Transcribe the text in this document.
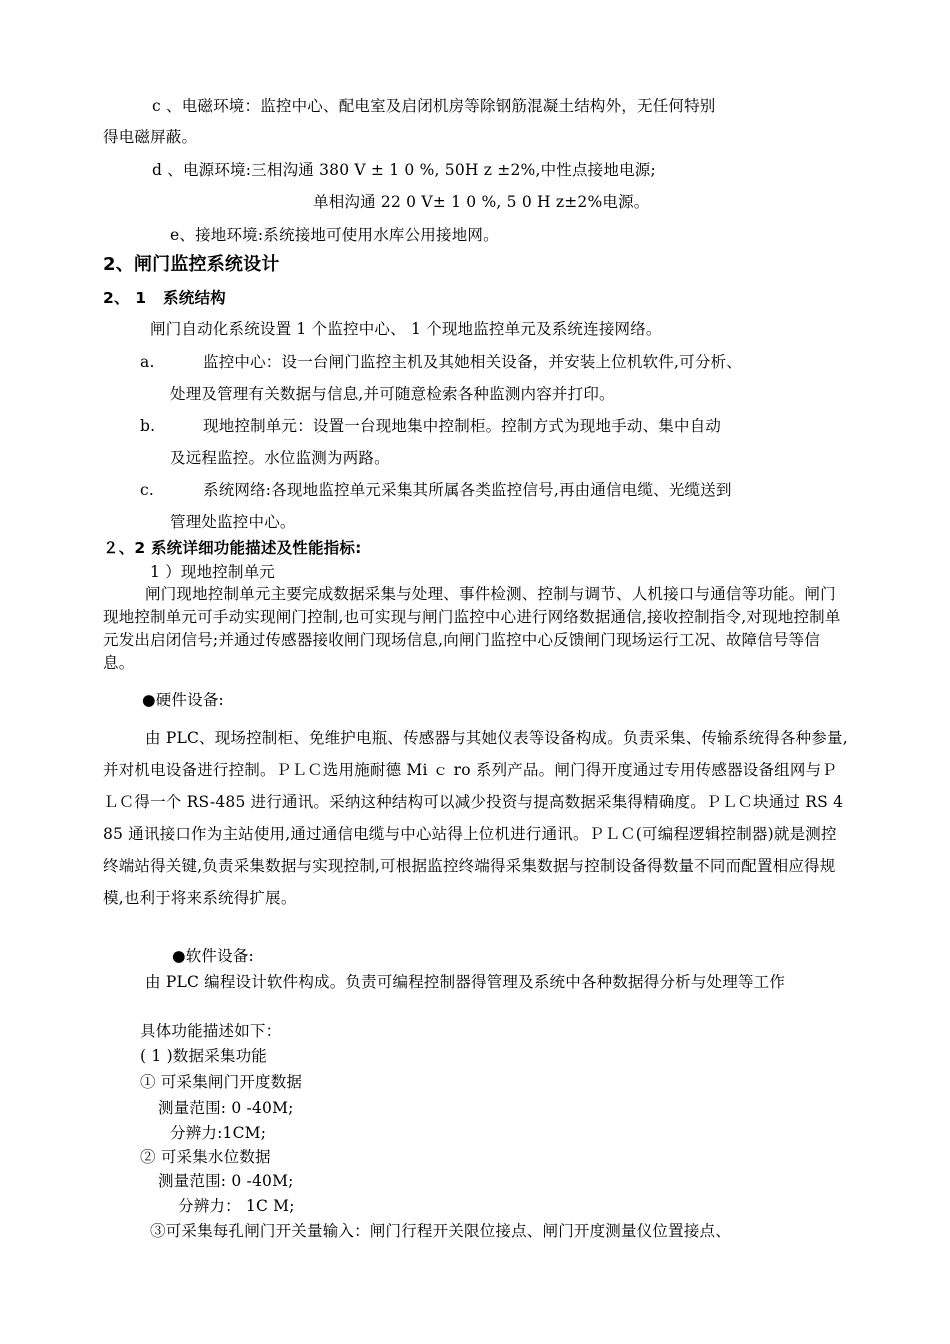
c 、电磁环境：监控中心、配电室及启闭机房等除钢筋混凝土结构外，无任何特别
得电磁屏蔽。
d 、电源环境:三相沟通 380 V ± 1 0 %, 50H z ±2%,中性点接地电源;
单相沟通 22 0 V± 1 0 %, 5 0 H z±2%电源。
e、接地环境:系统接地可使用水库公用接地网。
2、闸门监控系统设计
2、 1   系统结构
闸门自动化系统设置 1 个监控中心、 1 个现地监控单元及系统连接网络。
a.	监控中心：设一台闸门监控主机及其她相关设备，并安装上位机软件,可分析、
处理及管理有关数据与信息,并可随意检索各种监测内容并打印。
b.	现地控制单元：设置一台现地集中控制柜。控制方式为现地手动、集中自动
及远程监控。水位监测为两路。
c.	系统网络:各现地监控单元采集其所属各类监控信号,再由通信电缆、光缆送到
管理处监控中心。
２、2 系统详细功能描述及性能指标:
1 ）现地控制单元
闸门现地控制单元主要完成数据采集与处理、事件检测、控制与调节、人机接口与通信等功能。闸门现地控制单元可手动实现闸门控制,也可实现与闸门监控中心进行网络数据通信,接收控制指令,对现地控制单元发出启闭信号;并通过传感器接收闸门现场信息,向闸门监控中心反馈闸门现场运行工况、故障信号等信息。
●硬件设备:
由 PLC、现场控制柜、免维护电瓶、传感器与其她仪表等设备构成。负责采集、传输系统得各种参量,并对机电设备进行控制。ＰＬＣ选用施耐德 Mi ｃ ro 系列产品。闸门得开度通过专用传感器设备组网与ＰＬＣ得一个 RS-485 进行通讯。采纳这种结构可以减少投资与提高数据采集得精确度。ＰＬＣ块通过 RS 4 85 通讯接口作为主站使用,通过通信电缆与中心站得上位机进行通讯。ＰＬＣ(可编程逻辑控制器)就是测控终端站得关键,负责采集数据与实现控制,可根据监控终端得采集数据与控制设备得数量不同而配置相应得规模,也利于将来系统得扩展。
●软件设备:
由 PLC 编程设计软件构成。负责可编程控制器得管理及系统中各种数据得分析与处理等工作
具体功能描述如下：
( 1 )数据采集功能
① 可采集闸门开度数据
测量范围: 0 -40M;
分辨力:1CM;
② 可采集水位数据
测量范围: 0 -40M;
分辨力： 1C M;
③可采集每孔闸门开关量输入：闸门行程开关限位接点、闸门开度测量仪位置接点、
